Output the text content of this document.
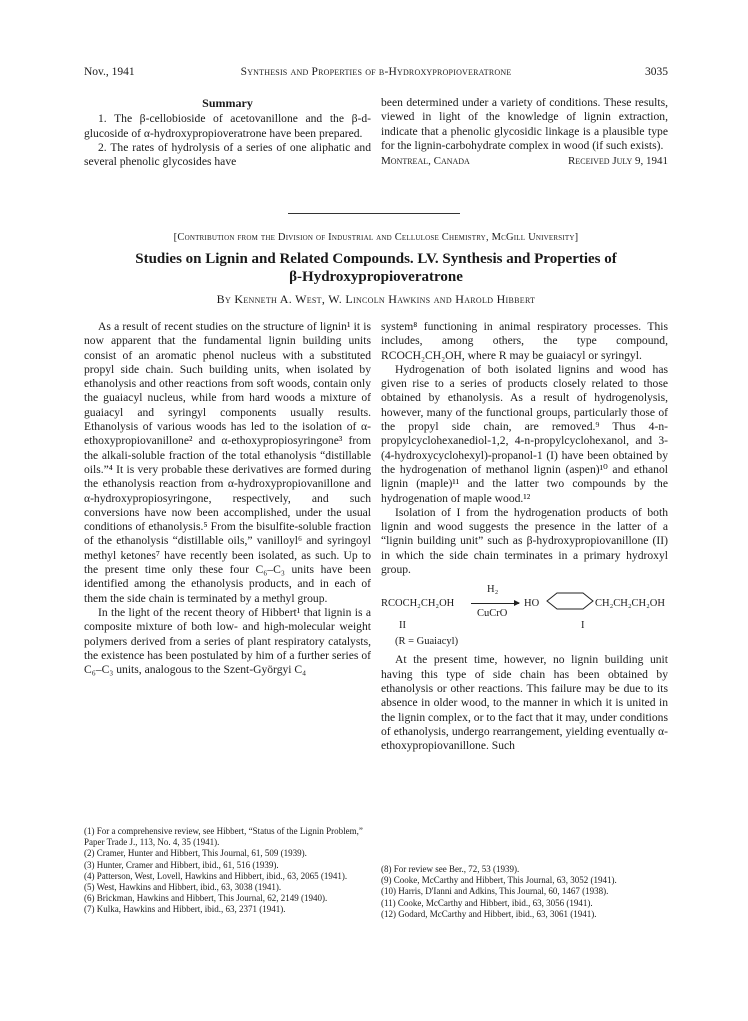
Nov., 1941	Synthesis and Properties of β-Hydroxypropioveratrone	3035
Summary

1. The β-cellobioside of acetovanillone and the β-d-glucoside of α-hydroxypropioveratrone have been prepared.

2. The rates of hydrolysis of a series of one aliphatic and several phenolic glycosides have

been determined under a variety of conditions. These results, viewed in light of the knowledge of lignin extraction, indicate that a phenolic glycosidic linkage is a plausible type for the lignin-carbohydrate complex in wood (if such exists).

Montreal, Canada	Received July 9, 1941
[Contribution from the Division of Industrial and Cellulose Chemistry, McGill University]
Studies on Lignin and Related Compounds. LV. Synthesis and Properties of
β-Hydroxypropioveratrone
By Kenneth A. West, W. Lincoln Hawkins and Harold Hibbert

As a result of recent studies on the structure of lignin¹ it is now apparent that the fundamental lignin building units consist of an aromatic phenol nucleus with a substituted propyl side chain. Such building units, when isolated by ethanolysis and other reactions from soft woods, contain only the guaiacyl nucleus, while from hard woods a mixture of guaiacyl and syringyl components usually results. Ethanolysis of various woods has led to the isolation of α-ethoxypropiovanillone² and α-ethoxypropiosyringone³ from the alkali-soluble fraction of the total ethanolysis “distillable oils.”⁴ It is very probable these derivatives are formed during the ethanolysis reaction from α-hydroxypropiovanillone and α-hydroxypropiosyringone, respectively, and such conversions have now been accomplished, under the usual conditions of ethanolysis.⁵ From the bisulfite-soluble fraction of the ethanolysis “distillable oils,” vanilloyl⁶ and syringoyl methyl ketones⁷ have recently been isolated, as such. Up to the present time only these four C₆–C₃ units have been identified among the ethanolysis products, and in each of them the side chain is terminated by a methyl group.

In the light of the recent theory of Hibbert¹ that lignin is a composite mixture of both low- and high-molecular weight polymers derived from a series of plant respiratory catalysts, the existence has been postulated by him of a further series of C₆–C₃ units, analogous to the Szent-Györgyi C₄

system⁸ functioning in animal respiratory processes. This includes, among others, the type compound, RCOCH₂CH₂OH, where R may be guaiacyl or syringyl.

Hydrogenation of both isolated lignins and wood has given rise to a series of products closely related to those obtained by ethanolysis. As a result of hydrogenolysis, however, many of the functional groups, particularly those of the propyl side chain, are removed.⁹ Thus 4-n-propylcyclohexanediol-1,2, 4-n-propylcyclohexanol, and 3-(4-hydroxycyclohexyl)-propanol-1 (I) have been obtained by the hydrogenation of methanol lignin (aspen)¹⁰ and ethanol lignin (maple)¹¹ and the latter two compounds by the hydrogenation of maple wood.¹²

Isolation of I from the hydrogenation products of both lignin and wood suggests the presence in the latter of a “lignin building unit” such as β-hydroxypropiovanillone (II) in which the side chain terminates in a primary hydroxyl group.

RCOCH₂CH₂OH
H₂
CuCrO
HO	CH₂CH₂CH₂OH
II	I
(R = Guaiacyl)

At the present time, however, no lignin building unit having this type of side chain has been obtained by ethanolysis or other reactions. This failure may be due to its absence in older wood, to the manner in which it is united in the lignin complex, or to the fact that it may, under conditions of ethanolysis, undergo rearrangement, yielding eventually α-ethoxypropiovanillone. Such

(1) For a comprehensive review, see Hibbert, “Status of the Lignin Problem,” Paper Trade J., 113, No. 4, 35 (1941).
(2) Cramer, Hunter and Hibbert, This Journal, 61, 509 (1939).
(3) Hunter, Cramer and Hibbert, ibid., 61, 516 (1939).
(4) Patterson, West, Lovell, Hawkins and Hibbert, ibid., 63, 2065 (1941).
(5) West, Hawkins and Hibbert, ibid., 63, 3038 (1941).
(6) Brickman, Hawkins and Hibbert, This Journal, 62, 2149 (1940).
(7) Kulka, Hawkins and Hibbert, ibid., 63, 2371 (1941).
(8) For review see Ber., 72, 53 (1939).
(9) Cooke, McCarthy and Hibbert, This Journal, 63, 3052 (1941).
(10) Harris, D'Ianni and Adkins, This Journal, 60, 1467 (1938).
(11) Cooke, McCarthy and Hibbert, ibid., 63, 3056 (1941).
(12) Godard, McCarthy and Hibbert, ibid., 63, 3061 (1941).
